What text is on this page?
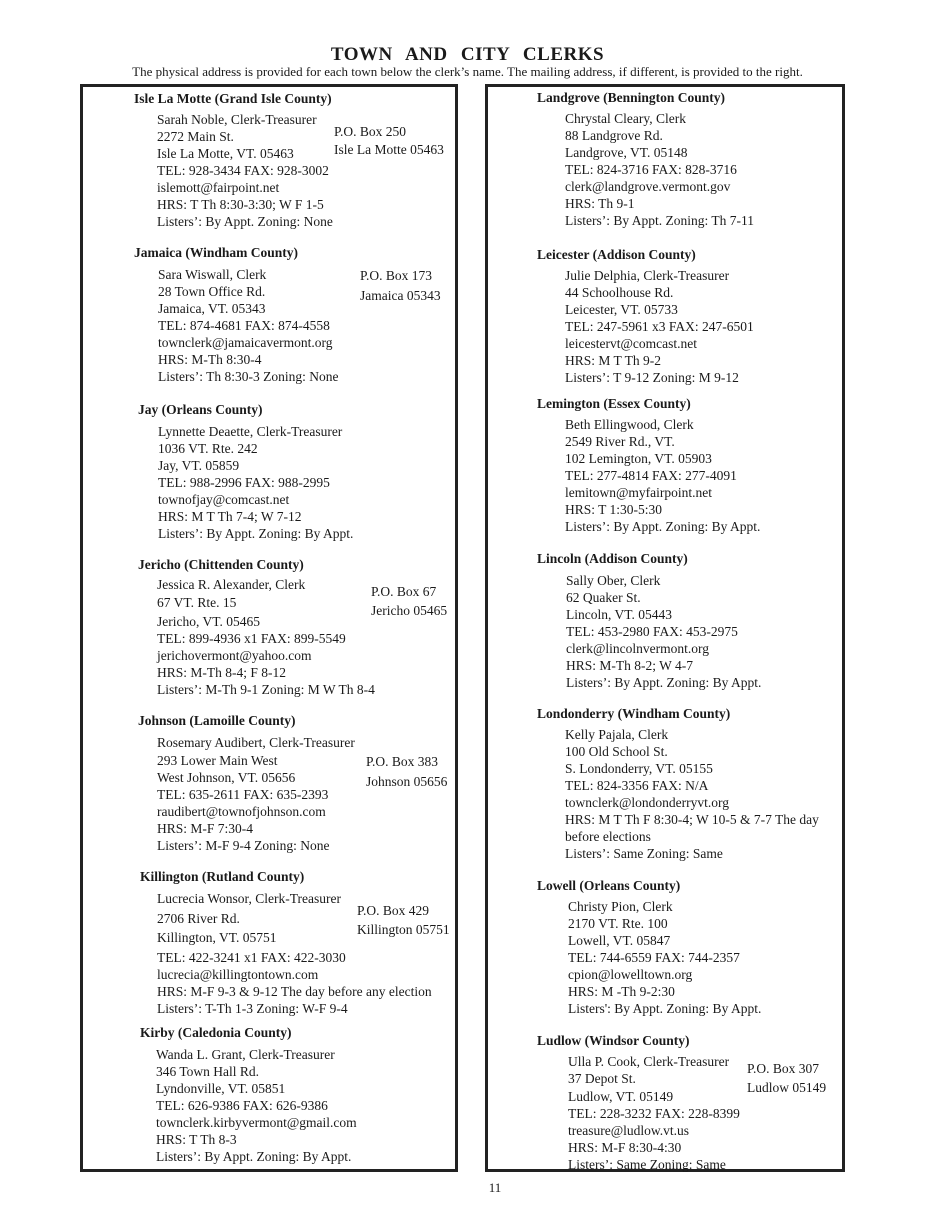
TOWN AND CITY CLERKS
The physical address is provided for each town below the clerk’s name. The mailing address, if different, is provided to the right.
Isle La Motte (Grand Isle County)
Sarah Noble, Clerk-Treasurer
2272 Main St.
Isle La Motte, VT. 05463
TEL: 928-3434 FAX: 928-3002
islemott@fairpoint.net
HRS: T Th 8:30-3:30; W F 1-5
Listers’: By Appt. Zoning: None
P.O. Box 250
Isle La Motte 05463
Jamaica (Windham County)
Sara Wiswall, Clerk
28 Town Office Rd.
Jamaica, VT. 05343
TEL: 874-4681 FAX: 874-4558
townclerk@jamaicavermont.org
HRS: M-Th 8:30-4
Listers’: Th 8:30-3 Zoning: None
P.O. Box 173
Jamaica 05343
Jay (Orleans County)
Lynnette Deaette, Clerk-Treasurer
1036 VT. Rte. 242
Jay, VT. 05859
TEL: 988-2996 FAX: 988-2995
townofjay@comcast.net
HRS: M T Th 7-4; W 7-12
Listers’: By Appt. Zoning: By Appt.
Jericho (Chittenden County)
Jessica R. Alexander, Clerk
67 VT. Rte. 15
Jericho, VT. 05465
TEL: 899-4936 x1 FAX: 899-5549
jerichovermont@yahoo.com
HRS: M-Th 8-4; F 8-12
Listers’: M-Th 9-1 Zoning: M W Th 8-4
P.O. Box 67
Jericho 05465
Johnson (Lamoille County)
Rosemary Audibert, Clerk-Treasurer
293 Lower Main West
West Johnson, VT. 05656
TEL: 635-2611 FAX: 635-2393
raudibert@townofjohnson.com
HRS: M-F 7:30-4
Listers’: M-F 9-4 Zoning: None
P.O. Box 383
Johnson 05656
Killington (Rutland County)
Lucrecia Wonsor, Clerk-Treasurer
2706 River Rd.
Killington, VT. 05751
TEL: 422-3241 x1 FAX: 422-3030
lucrecia@killingtontown.com
HRS: M-F 9-3 & 9-12 The day before any election
Listers’: T-Th 1-3 Zoning: W-F 9-4
P.O. Box 429
Killington 05751
Kirby (Caledonia County)
Wanda L. Grant, Clerk-Treasurer
346 Town Hall Rd.
Lyndonville, VT. 05851
TEL: 626-9386 FAX: 626-9386
townclerk.kirbyvermont@gmail.com
HRS: T Th 8-3
Listers’: By Appt. Zoning: By Appt.
Landgrove (Bennington County)
Chrystal Cleary, Clerk
88 Landgrove Rd.
Landgrove, VT. 05148
TEL: 824-3716 FAX: 828-3716
clerk@landgrove.vermont.gov
HRS: Th 9-1
Listers’: By Appt. Zoning: Th 7-11
Leicester (Addison County)
Julie Delphia, Clerk-Treasurer
44 Schoolhouse Rd.
Leicester, VT. 05733
TEL: 247-5961 x3 FAX: 247-6501
leicestervt@comcast.net
HRS: M T Th 9-2
Listers’: T 9-12 Zoning: M 9-12
Lemington (Essex County)
Beth Ellingwood, Clerk
2549 River Rd., VT.
102 Lemington, VT. 05903
TEL: 277-4814 FAX: 277-4091
lemitown@myfairpoint.net
HRS: T 1:30-5:30
Listers’: By Appt. Zoning: By Appt.
Lincoln (Addison County)
Sally Ober, Clerk
62 Quaker St.
Lincoln, VT. 05443
TEL: 453-2980 FAX: 453-2975
clerk@lincolnvermont.org
HRS: M-Th 8-2; W 4-7
Listers’: By Appt. Zoning: By Appt.
Londonderry (Windham County)
Kelly Pajala, Clerk
100 Old School St.
S. Londonderry, VT. 05155
TEL: 824-3356 FAX: N/A
townclerk@londonderryvt.org
HRS: M T Th F 8:30-4; W 10-5 & 7-7 The day
before elections
Listers’: Same Zoning: Same
Lowell (Orleans County)
Christy Pion, Clerk
2170 VT. Rte. 100
Lowell, VT. 05847
TEL: 744-6559 FAX: 744-2357
cpion@lowelltown.org
HRS: M -Th 9-2:30
Listers': By Appt. Zoning: By Appt.
Ludlow (Windsor County)
Ulla P. Cook, Clerk-Treasurer
37 Depot St.
Ludlow, VT. 05149
TEL: 228-3232 FAX: 228-8399
treasure@ludlow.vt.us
HRS: M-F 8:30-4:30
Listers’: Same Zoning: Same
P.O. Box 307
Ludlow 05149
11
